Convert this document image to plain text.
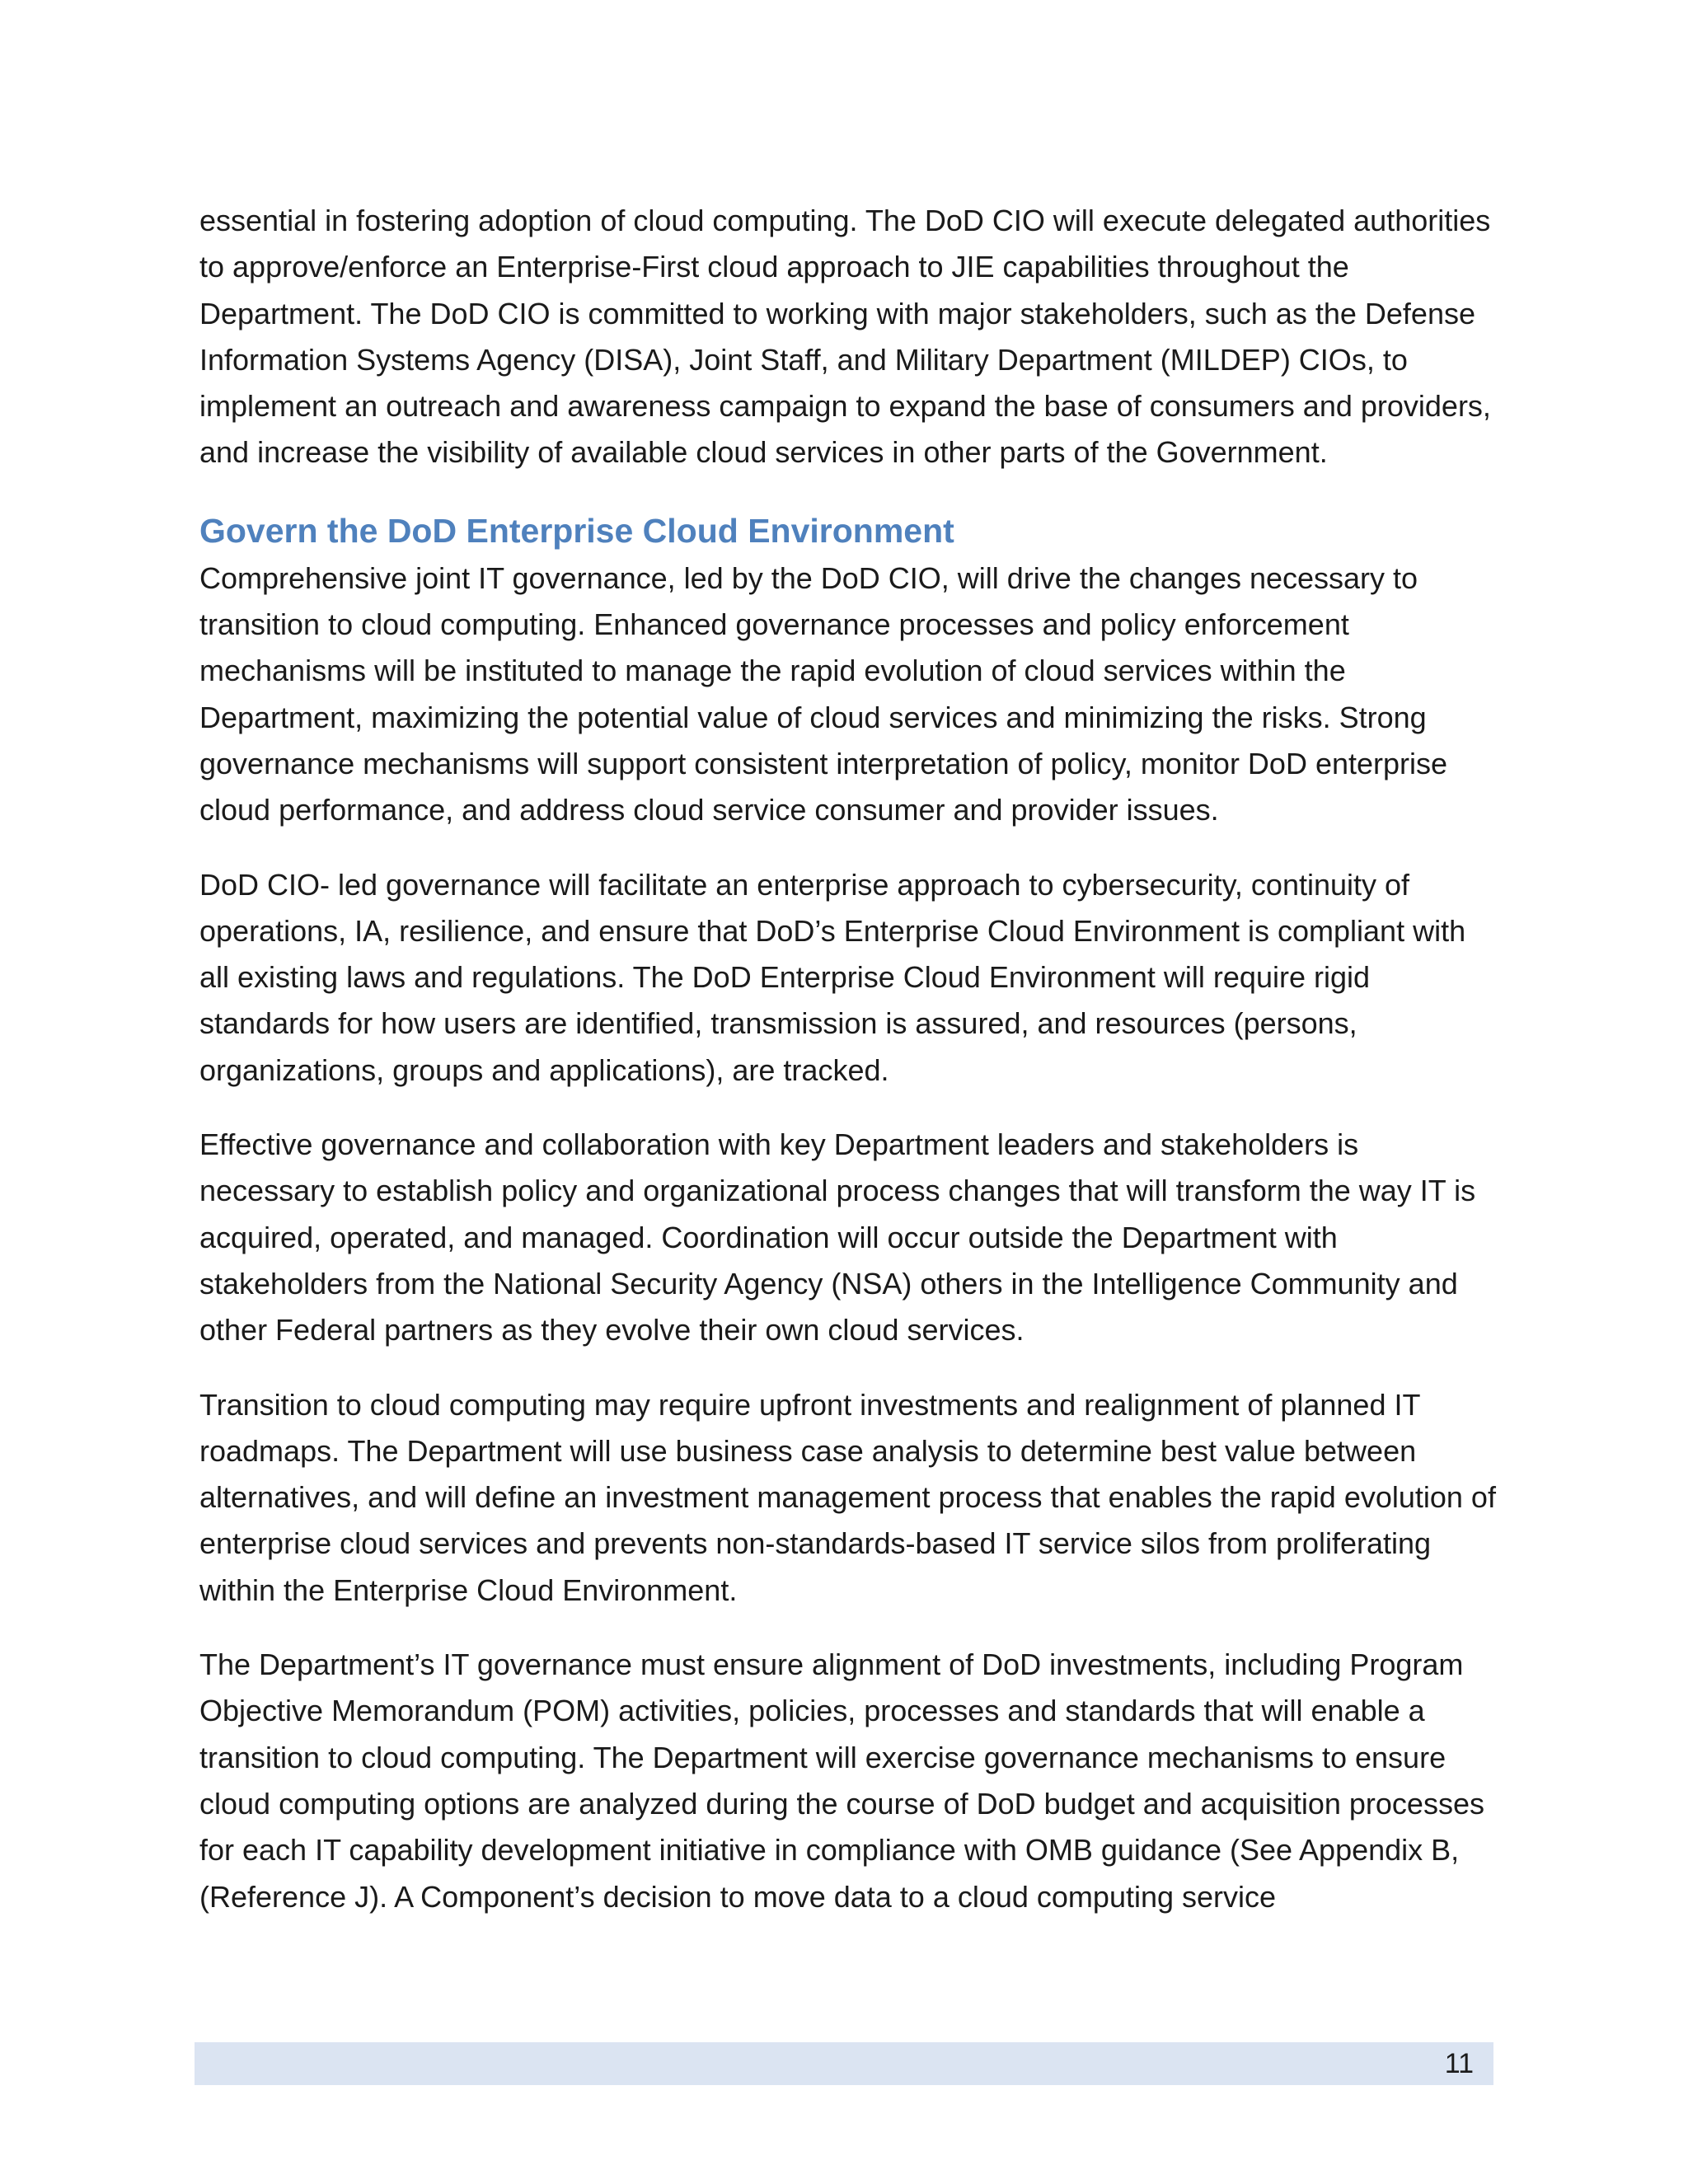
essential in fostering adoption of cloud computing. The DoD CIO will execute delegated authorities to approve/enforce an Enterprise-First cloud approach to JIE capabilities throughout the Department. The DoD CIO is committed to working with major stakeholders, such as the Defense Information Systems Agency (DISA), Joint Staff, and Military Department (MILDEP) CIOs, to implement an outreach and awareness campaign to expand the base of consumers and providers, and increase the visibility of available cloud services in other parts of the Government.

Govern the DoD Enterprise Cloud Environment

Comprehensive joint IT governance, led by the DoD CIO, will drive the changes necessary to transition to cloud computing. Enhanced governance processes and policy enforcement mechanisms will be instituted to manage the rapid evolution of cloud services within the Department, maximizing the potential value of cloud services and minimizing the risks. Strong governance mechanisms will support consistent interpretation of policy, monitor DoD enterprise cloud performance, and address cloud service consumer and provider issues.

DoD CIO- led governance will facilitate an enterprise approach to cybersecurity, continuity of operations, IA, resilience, and ensure that DoD’s Enterprise Cloud Environment is compliant with all existing laws and regulations. The DoD Enterprise Cloud Environment will require rigid standards for how users are identified, transmission is assured, and resources (persons, organizations, groups and applications), are tracked.

Effective governance and collaboration with key Department leaders and stakeholders is necessary to establish policy and organizational process changes that will transform the way IT is acquired, operated, and managed. Coordination will occur outside the Department with stakeholders from the National Security Agency (NSA) others in the Intelligence Community and other Federal partners as they evolve their own cloud services.

Transition to cloud computing may require upfront investments and realignment of planned IT roadmaps. The Department will use business case analysis to determine best value between alternatives, and will define an investment management process that enables the rapid evolution of enterprise cloud services and prevents non-standards-based IT service silos from proliferating within the Enterprise Cloud Environment.

The Department’s IT governance must ensure alignment of DoD investments, including Program Objective Memorandum (POM) activities, policies, processes and standards that will enable a transition to cloud computing. The Department will exercise governance mechanisms to ensure cloud computing options are analyzed during the course of DoD budget and acquisition processes for each IT capability development initiative in compliance with OMB guidance (See Appendix B,(Reference J). A Component’s decision to move data to a cloud computing service

11
